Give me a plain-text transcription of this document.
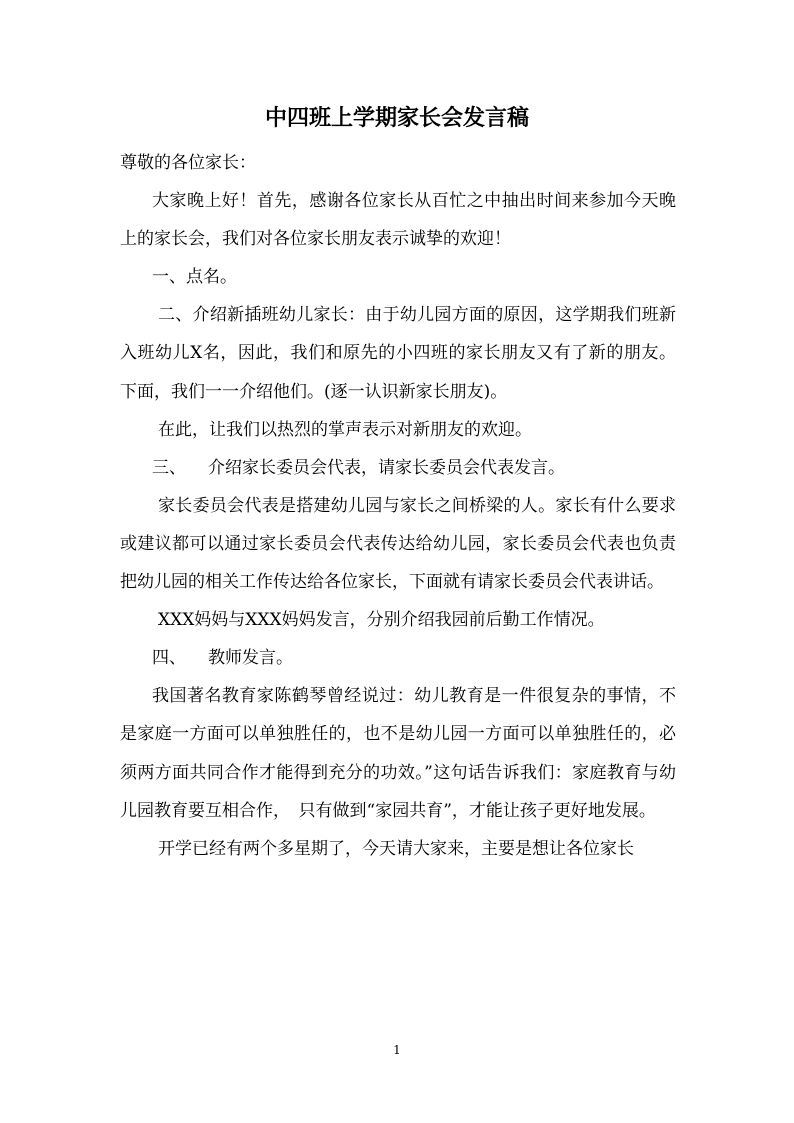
中四班上学期家长会发言稿

尊敬的各位家长：

大家晚上好！首先，感谢各位家长从百忙之中抽出时间来参加今天晚上的家长会，我们对各位家长朋友表示诚挚的欢迎！

一、点名。

二、介绍新插班幼儿家长：由于幼儿园方面的原因，这学期我们班新入班幼儿X名，因此，我们和原先的小四班的家长朋友又有了新的朋友。下面，我们一一介绍他们。(逐一认识新家长朋友)。

在此，让我们以热烈的掌声表示对新朋友的欢迎。

三、 介绍家长委员会代表，请家长委员会代表发言。

家长委员会代表是搭建幼儿园与家长之间桥梁的人。家长有什么要求或建议都可以通过家长委员会代表传达给幼儿园，家长委员会代表也负责把幼儿园的相关工作传达给各位家长，下面就有请家长委员会代表讲话。

XXX妈妈与XXX妈妈发言，分别介绍我园前后勤工作情况。

四、 教师发言。

我国著名教育家陈鹤琴曾经说过：幼儿教育是一件很复杂的事情，不是家庭一方面可以单独胜任的，也不是幼儿园一方面可以单独胜任的，必须两方面共同合作才能得到充分的功效。”这句话告诉我们：家庭教育与幼儿园教育要互相合作，　只有做到“家园共育”，才能让孩子更好地发展。

开学已经有两个多星期了，今天请大家来，主要是想让各位家长

1
